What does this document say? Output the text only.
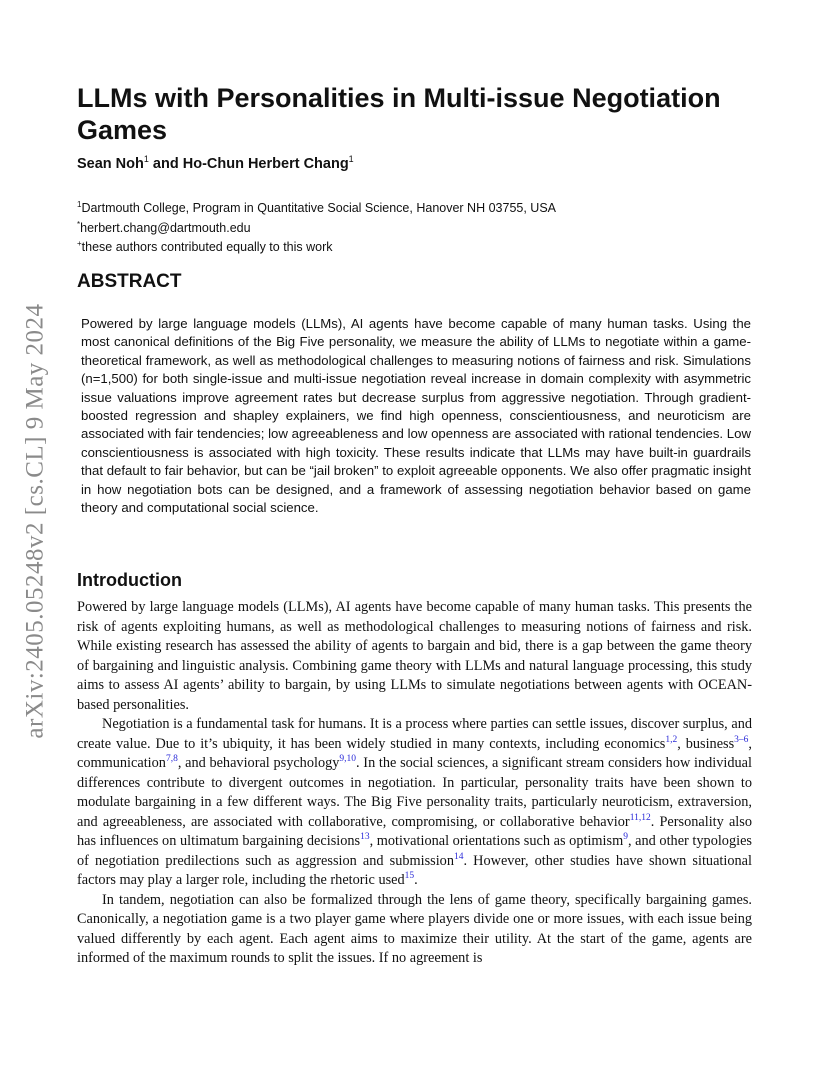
arXiv:2405.05248v2 [cs.CL] 9 May 2024
LLMs with Personalities in Multi-issue Negotiation Games
Sean Noh$^1$ and Ho-Chun Herbert Chang$^1$
$^1$Dartmouth College, Program in Quantitative Social Science, Hanover NH 03755, USA
*herbert.chang@dartmouth.edu
+these authors contributed equally to this work
ABSTRACT

Powered by large language models (LLMs), AI agents have become capable of many human tasks. Using the most canonical definitions of the Big Five personality, we measure the ability of LLMs to negotiate within a game-theoretical framework, as well as methodological challenges to measuring notions of fairness and risk. Simulations (n=1,500) for both single-issue and multi-issue negotiation reveal increase in domain complexity with asymmetric issue valuations improve agreement rates but decrease surplus from aggressive negotiation. Through gradient-boosted regression and shapley explainers, we find high openness, conscientiousness, and neuroticism are associated with fair tendencies; low agreeableness and low openness are associated with rational tendencies. Low conscientiousness is associated with high toxicity. These results indicate that LLMs may have built-in guardrails that default to fair behavior, but can be “jail broken” to exploit agreeable opponents. We also offer pragmatic insight in how negotiation bots can be designed, and a framework of assessing negotiation behavior based on game theory and computational social science.

Introduction

Powered by large language models (LLMs), AI agents have become capable of many human tasks. This presents the risk of agents exploiting humans, as well as methodological challenges to measuring notions of fairness and risk. While existing research has assessed the ability of agents to bargain and bid, there is a gap between the game theory of bargaining and linguistic analysis. Combining game theory with LLMs and natural language processing, this study aims to assess AI agents’ ability to bargain, by using LLMs to simulate negotiations between agents with OCEAN-based personalities.

Negotiation is a fundamental task for humans. It is a process where parties can settle issues, discover surplus, and create value. Due to it’s ubiquity, it has been widely studied in many contexts, including economics$^{1,2}$, business$^{3-6}$, communication$^{7,8}$, and behavioral psychology$^{9,10}$. In the social sciences, a significant stream considers how individual differences contribute to divergent outcomes in negotiation. In particular, personality traits have been shown to modulate bargaining in a few different ways. The Big Five personality traits, particularly neuroticism, extraversion, and agreeableness, are associated with collaborative, compromising, or collaborative behavior$^{11,12}$. Personality also has influences on ultimatum bargaining decisions$^{13}$, motivational orientations such as optimism$^9$, and other typologies of negotiation predilections such as aggression and submission$^{14}$. However, other studies have shown situational factors may play a larger role, including the rhetoric used$^{15}$.

In tandem, negotiation can also be formalized through the lens of game theory, specifically bargaining games. Canonically, a negotiation game is a two player game where players divide one or more issues, with each issue being valued differently by each agent. Each agent aims to maximize their utility. At the start of the game, agents are informed of the maximum rounds to split the issues. If no agreement is
